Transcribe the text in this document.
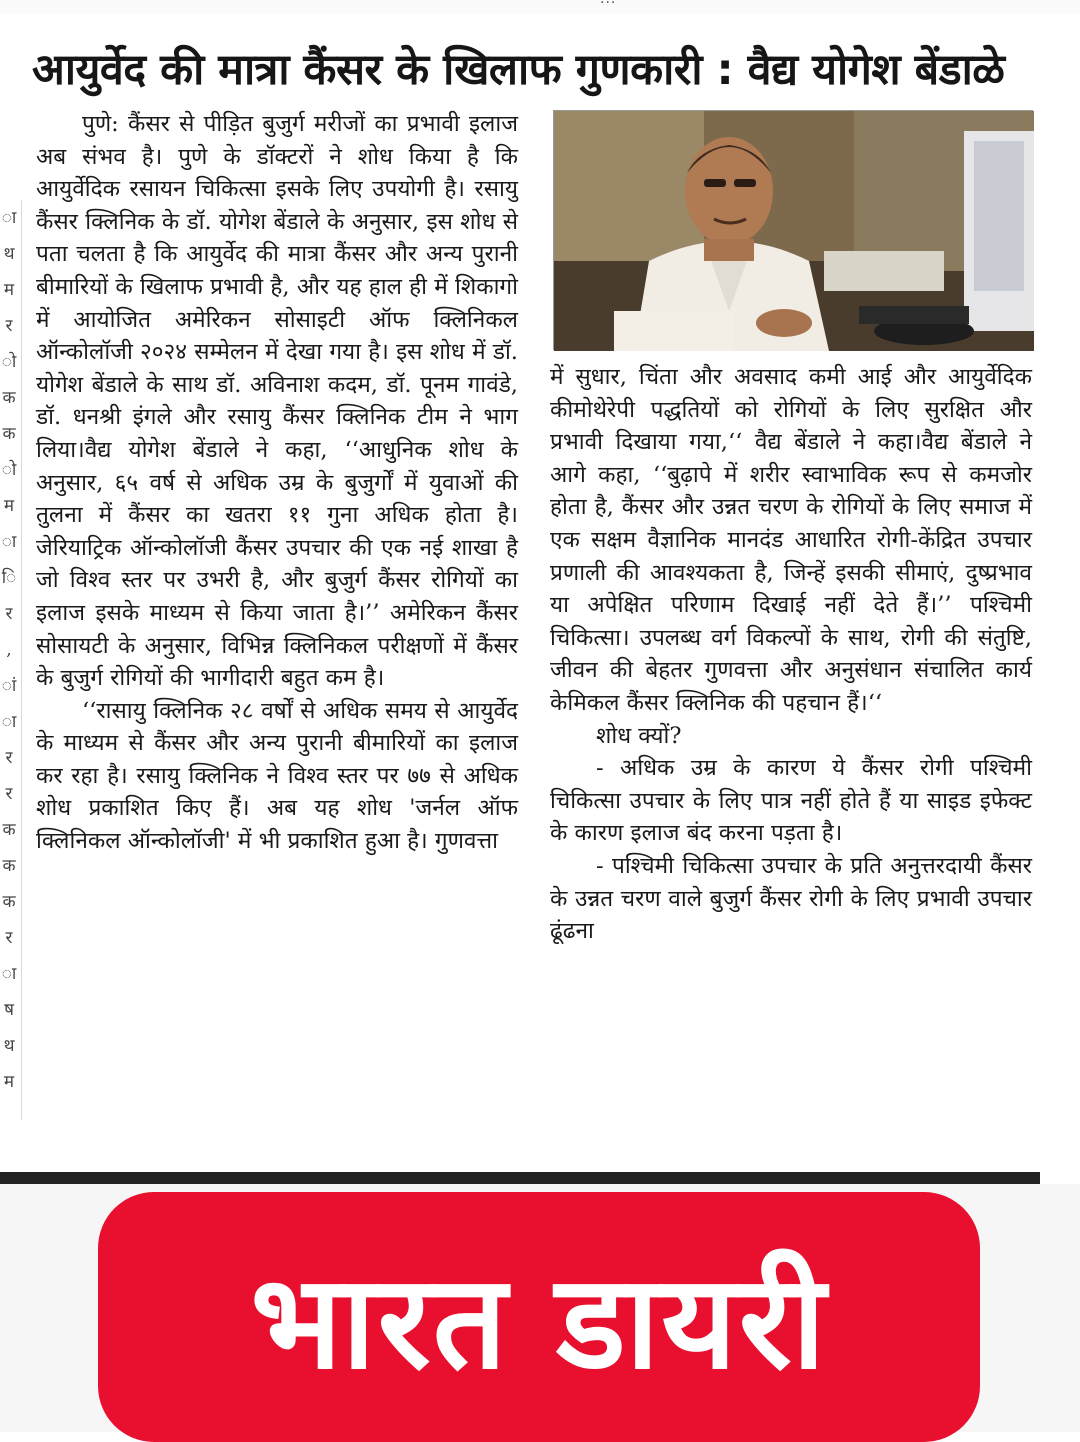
ा
थ
म
र
ो
क
क
ो
म
ा
ि
र
,
ां
ा
र
र
क
क
क
र
ा
ष
थ
म
आयुर्वेद की मात्रा कैंसर के खिलाफ गुणकारी : वैद्य योगेश बेंडाळे

पुणे: कैंसर से पीड़ित बुजुर्ग मरीजों का प्रभावी इलाज अब संभव है। पुणे के डॉक्टरों ने शोध किया है कि आयुर्वेदिक रसायन चिकित्सा इसके लिए उपयोगी है। रसायु कैंसर क्लिनिक के डॉ. योगेश बेंडाले के अनुसार, इस शोध से पता चलता है कि आयुर्वेद की मात्रा कैंसर और अन्य पुरानी बीमारियों के खिलाफ प्रभावी है, और यह हाल ही में शिकागो में आयोजित अमेरिकन सोसाइटी ऑफ क्लिनिकल ऑन्कोलॉजी २०२४ सम्मेलन में देखा गया है। इस शोध में डॉ. योगेश बेंडाले के साथ डॉ. अविनाश कदम, डॉ. पूनम गावंडे, डॉ. धनश्री इंगले और रसायु कैंसर क्लिनिक टीम ने भाग लिया।वैद्य योगेश बेंडाले ने कहा, ‘‘आधुनिक शोध के अनुसार, ६५ वर्ष से अधिक उम्र के बुजुर्गों में युवाओं की तुलना में कैंसर का खतरा ११ गुना अधिक होता है। जेरियाट्रिक ऑन्कोलॉजी कैंसर उपचार की एक नई शाखा है जो विश्व स्तर पर उभरी है, और बुजुर्ग कैंसर रोगियों का इलाज इसके माध्यम से किया जाता है।’’ अमेरिकन कैंसर सोसायटी के अनुसार, विभिन्न क्लिनिकल परीक्षणों में कैंसर के बुजुर्ग रोगियों की भागीदारी बहुत कम है।

‘‘रासायु क्लिनिक २८ वर्षों से अधिक समय से आयुर्वेद के माध्यम से कैंसर और अन्य पुरानी बीमारियों का इलाज कर रहा है। रसायु क्लिनिक ने विश्व स्तर पर ७७ से अधिक शोध प्रकाशित किए हैं। अब यह शोध 'जर्नल ऑफ क्लिनिकल ऑन्कोलॉजी' में भी प्रकाशित हुआ है। गुणवत्ता

में सुधार, चिंता और अवसाद कमी आई और आयुर्वेदिक कीमोथेरेपी पद्धतियों को रोगियों के लिए सुरक्षित और प्रभावी दिखाया गया,‘‘ वैद्य बेंडाले ने कहा।वैद्य बेंडाले ने आगे कहा, ‘‘बुढ़ापे में शरीर स्वाभाविक रूप से कमजोर होता है, कैंसर और उन्नत चरण के रोगियों के लिए समाज में एक सक्षम वैज्ञानिक मानदंड आधारित रोगी-केंद्रित उपचार प्रणाली की आवश्यकता है, जिन्हें इसकी सीमाएं, दुष्प्रभाव या अपेक्षित परिणाम दिखाई नहीं देते हैं।’’ पश्चिमी चिकित्सा। उपलब्ध वर्ग विकल्पों के साथ, रोगी की संतुष्टि, जीवन की बेहतर गुणवत्ता और अनुसंधान संचालित कार्य केमिकल कैंसर क्लिनिक की पहचान हैं।‘‘

शोध क्यों?

- अधिक उम्र के कारण ये कैंसर रोगी पश्चिमी चिकित्सा उपचार के लिए पात्र नहीं होते हैं या साइड इफेक्ट के कारण इलाज बंद करना पड़ता है।

- पश्चिमी चिकित्सा उपचार के प्रति अनुत्तरदायी कैंसर के उन्नत चरण वाले बुजुर्ग कैंसर रोगी के लिए प्रभावी उपचार ढूंढना

भारत डायरी
